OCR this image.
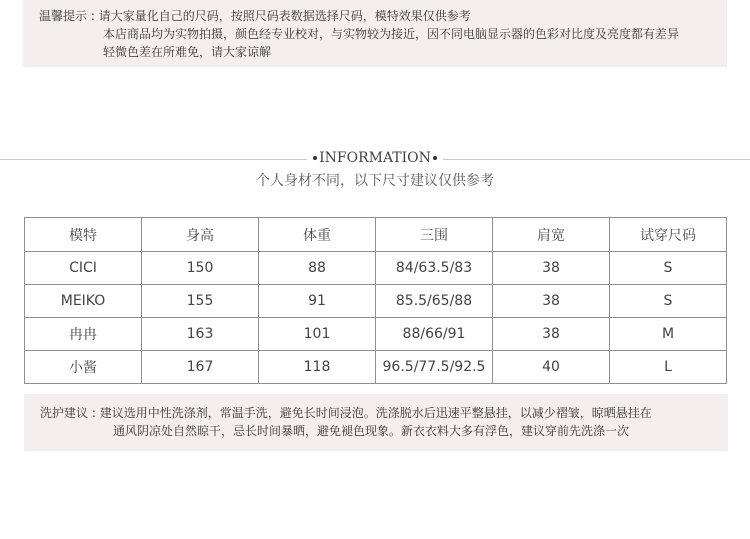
温馨提示 : 请大家量化自己的尺码，按照尺码表数据选择尺码，模特效果仅供参考
本店商品均为实物拍摄，颜色经专业校对，与实物较为接近，因不同电脑显示器的色彩对比度及亮度都有差异
轻微色差在所难免，请大家谅解
INFORMATION
个人身材不同，以下尺寸建议仅供参考
模特	身高	体重	三围	肩宽	试穿尺码
CICI	150	88	84/63.5/83	38	S
MEIKO	155	91	85.5/65/88	38	S
冉冉	163	101	88/66/91	38	M
小酱	167	118	96.5/77.5/92.5	40	L
洗护建议 : 建议选用中性洗涤剂，常温手洗，避免长时间浸泡。洗涤脱水后迅速平整悬挂，以减少褶皱，晾晒悬挂在
通风阴凉处自然晾干，忌长时间暴晒，避免褪色现象。新衣衣料大多有浮色，建议穿前先洗涤一次
